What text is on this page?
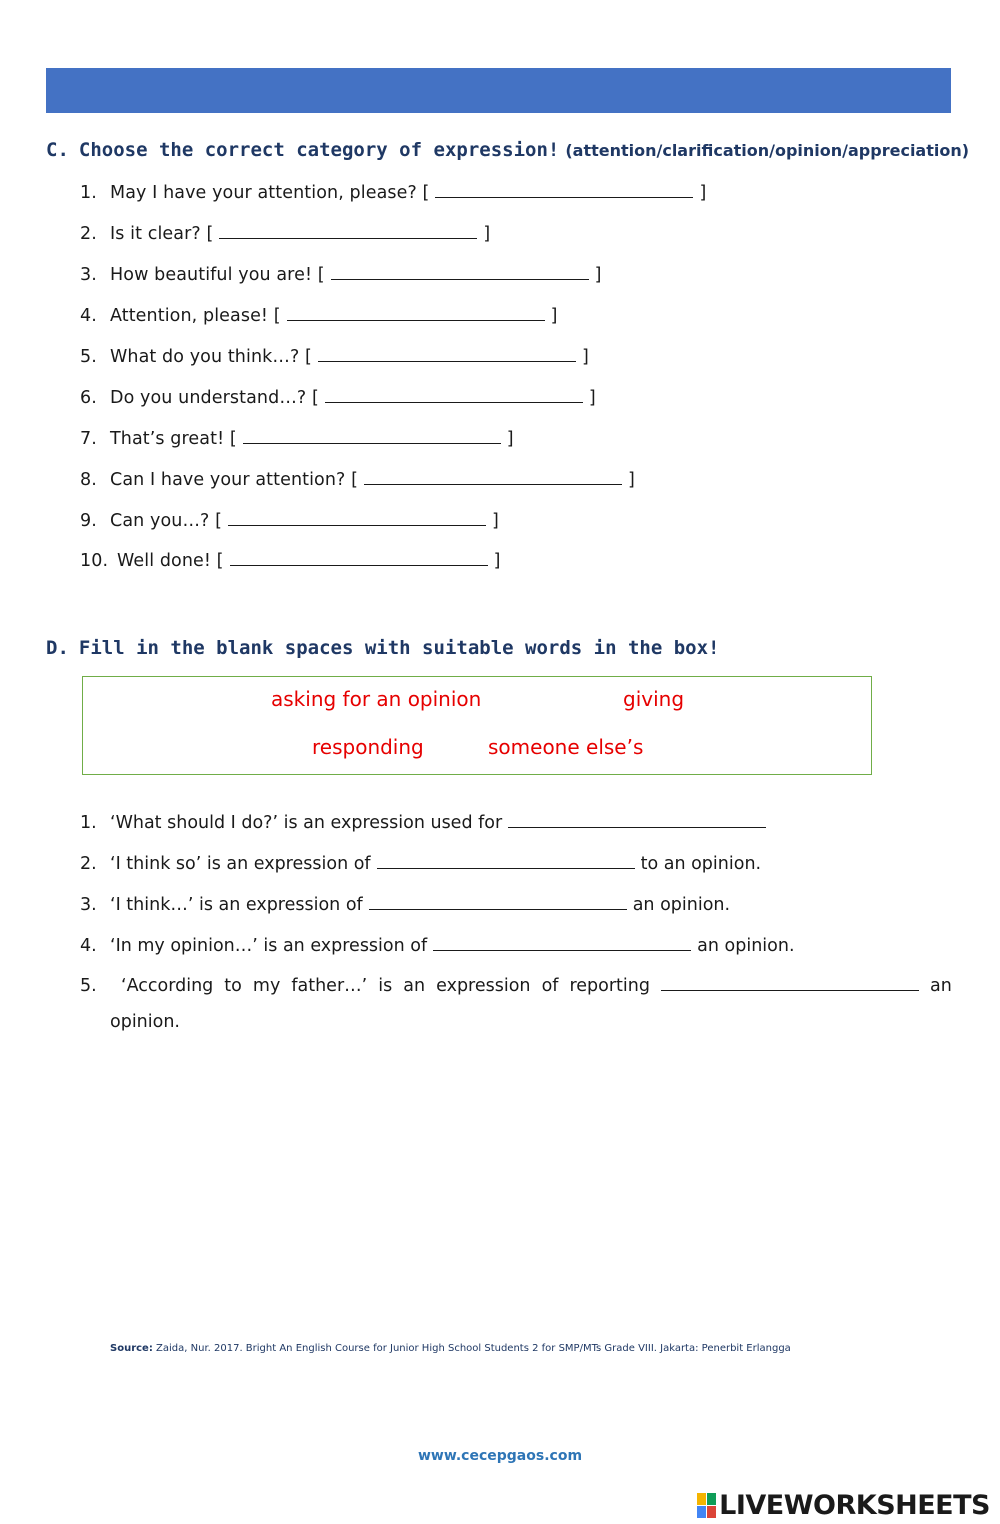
C. Choose the correct category of expression! (attention/clarification/opinion/appreciation)
1. May I have your attention, please? [	]
2. Is it clear? [	]
3. How beautiful you are! [	]
4. Attention, please! [	]
5. What do you think…? [	]
6. Do you understand…? [	]
7. That’s great! [	]
8. Can I have your attention? [	]
9. Can you…? [	]
10. Well done! [	]
D. Fill in the blank spaces with suitable words in the box!
asking for an opinion	giving
responding	someone else’s
1. ‘What should I do?’ is an expression used for
2. ‘I think so’ is an expression of	to an opinion.
3. ‘I think…’ is an expression of	an opinion.
4. ‘In my opinion…’ is an expression of	an opinion.
5.	‘According to my father…’ is an expression of reporting	an
opinion.
Source: Zaida, Nur. 2017. Bright An English Course for Junior High School Students 2 for SMP/MTs Grade VIII. Jakarta: Penerbit Erlangga
www.cecepgaos.com
LIVEWORKSHEETS
